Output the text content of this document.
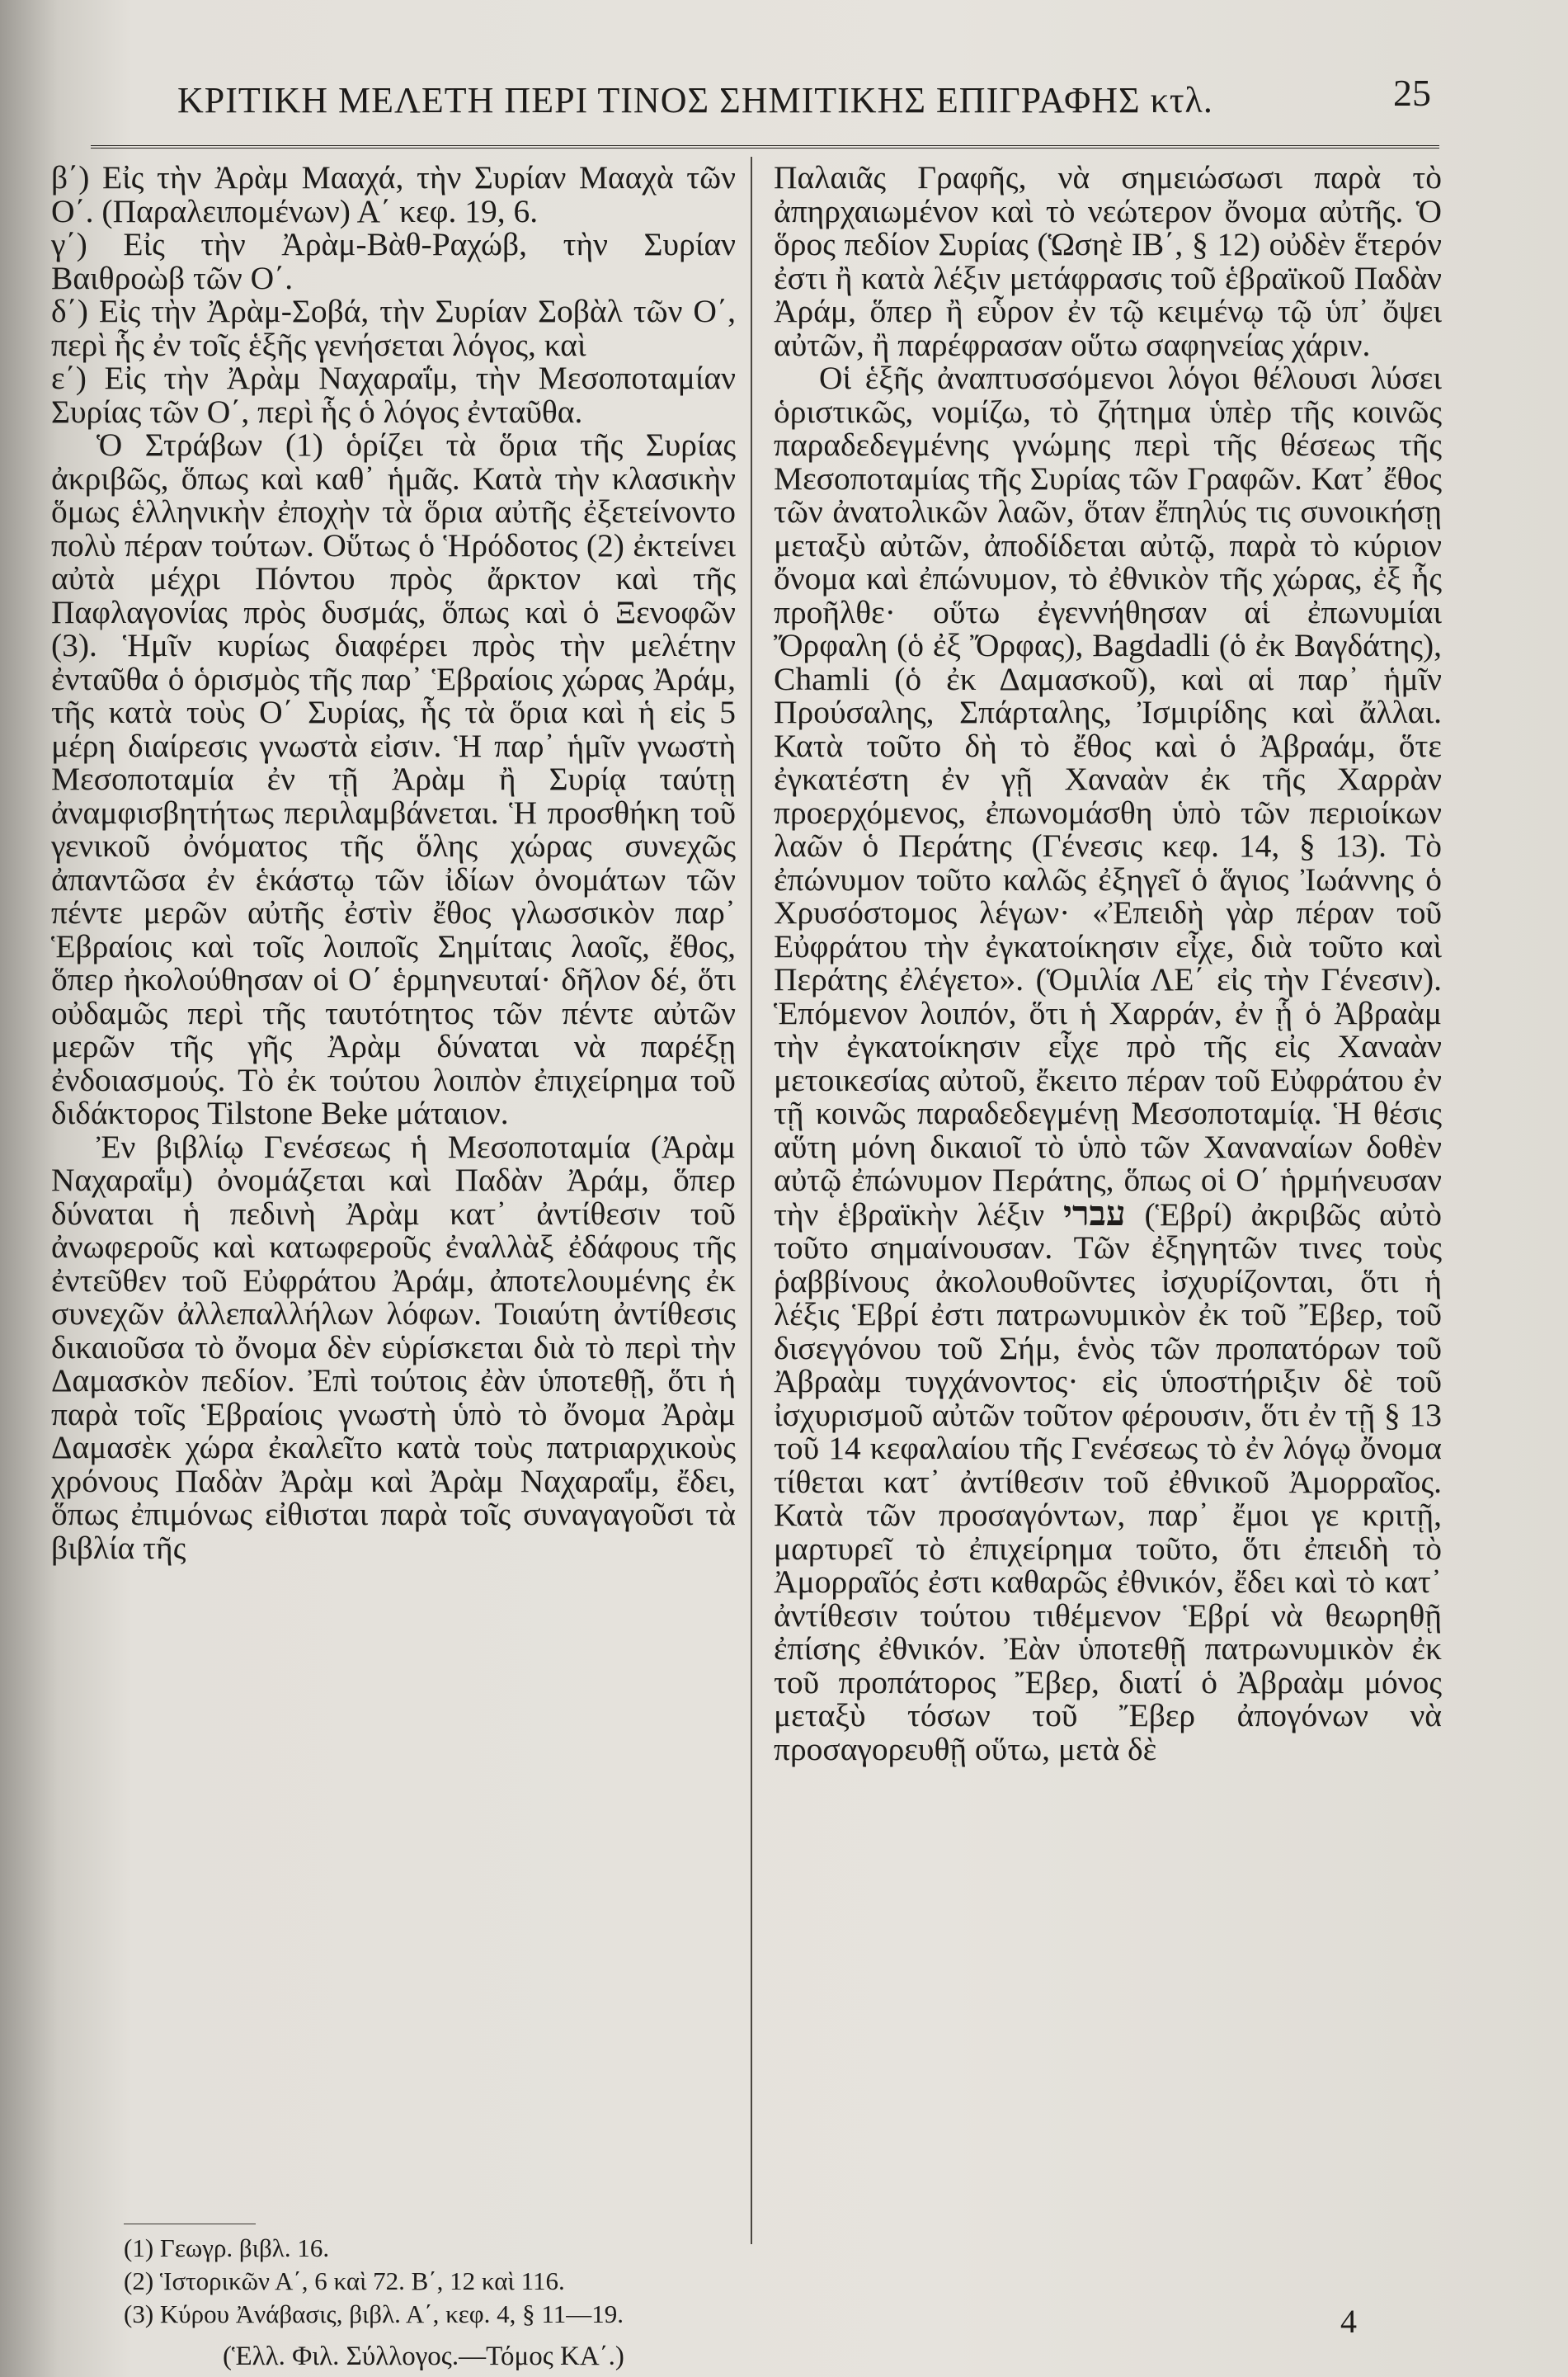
ΚΡΙΤΙΚΗ ΜΕΛΕΤΗ ΠΕΡΙ ΤΙΝΟΣ ΣΗΜΙΤΙΚΗΣ ΕΠΙΓΡΑΦΗΣ κτλ.	25

β΄) Εἰς τὴν Ἀρὰμ Μααχά, τὴν Συρίαν Μααχὰ τῶν Ο΄. (Παραλειπομένων) Α΄ κεφ. 19, 6.

γ΄) Εἰς τὴν Ἀρὰμ-Βὰθ-Ραχώβ, τὴν Συρίαν Βαιθροὼβ τῶν Ο΄.

δ΄) Εἰς τὴν Ἀρὰμ-Σοβά, τὴν Συρίαν Σοβὰλ τῶν Ο΄, περὶ ἧς ἐν τοῖς ἑξῆς γενήσεται λόγος, καὶ

ε΄) Εἰς τὴν Ἀρὰμ Ναχαραΐμ, τὴν Μεσοποταμίαν Συρίας τῶν Ο΄, περὶ ἧς ὁ λόγος ἐνταῦθα.

Ὁ Στράβων (1) ὁρίζει τὰ ὅρια τῆς Συρίας ἀκριβῶς, ὅπως καὶ καθ᾽ ἡμᾶς. Κατὰ τὴν κλασικὴν ὅμως ἑλληνικὴν ἐποχὴν τὰ ὅρια αὐτῆς ἐξετείνοντο πολὺ πέραν τούτων. Οὕτως ὁ Ἡρόδοτος (2) ἐκτείνει αὐτὰ μέχρι Πόντου πρὸς ἄρκτον καὶ τῆς Παφλαγονίας πρὸς δυσμάς, ὅπως καὶ ὁ Ξενοφῶν (3). Ἡμῖν κυρίως διαφέρει πρὸς τὴν μελέτην ἐνταῦθα ὁ ὁρισμὸς τῆς παρ᾽ Ἑβραίοις χώρας Ἀράμ, τῆς κατὰ τοὺς Ο΄ Συρίας, ἧς τὰ ὅρια καὶ ἡ εἰς 5 μέρη διαίρεσις γνωστὰ εἰσιν. Ἡ παρ᾽ ἡμῖν γνωστὴ Μεσοποταμία ἐν τῇ Ἀρὰμ ἢ Συρίᾳ ταύτῃ ἀναμφισβητήτως περιλαμβάνεται. Ἡ προσθήκη τοῦ γενικοῦ ὀνόματος τῆς ὅλης χώρας συνεχῶς ἀπαντῶσα ἐν ἑκάστῳ τῶν ἰδίων ὀνομάτων τῶν πέντε μερῶν αὐτῆς ἐστὶν ἔθος γλωσσικὸν παρ᾽ Ἑβραίοις καὶ τοῖς λοιποῖς Σημίταις λαοῖς, ἔθος, ὅπερ ἠκολούθησαν οἱ Ο΄ ἑρμηνευταί· δῆλον δέ, ὅτι οὐδαμῶς περὶ τῆς ταυτότητος τῶν πέντε αὐτῶν μερῶν τῆς γῆς Ἀρὰμ δύναται νὰ παρέξῃ ἐνδοιασμούς. Τὸ ἐκ τούτου λοιπὸν ἐπιχείρημα τοῦ διδάκτορος Tilstone Beke μάταιον.

Ἐν βιβλίῳ Γενέσεως ἡ Μεσοποταμία (Ἀρὰμ Ναχαραΐμ) ὀνομάζεται καὶ Παδὰν Ἀράμ, ὅπερ δύναται ἡ πεδινὴ Ἀρὰμ κατ᾽ ἀντίθεσιν τοῦ ἀνωφεροῦς καὶ κατωφεροῦς ἐναλλὰξ ἐδάφους τῆς ἐντεῦθεν τοῦ Εὐφράτου Ἀράμ, ἀποτελουμένης ἐκ συνεχῶν ἀλλεπαλλήλων λόφων. Τοιαύτη ἀντίθεσις δικαιοῦσα τὸ ὄνομα δὲν εὑρίσκεται διὰ τὸ περὶ τὴν Δαμασκὸν πεδίον. Ἐπὶ τούτοις ἐὰν ὑποτεθῇ, ὅτι ἡ παρὰ τοῖς Ἑβραίοις γνωστὴ ὑπὸ τὸ ὄνομα Ἀρὰμ Δαμασὲκ χώρα ἐκαλεῖτο κατὰ τοὺς πατριαρχικοὺς χρόνους Παδὰν Ἀρὰμ καὶ Ἀρὰμ Ναχαραΐμ, ἔδει, ὅπως ἐπιμόνως εἰθισται παρὰ τοῖς συναγαγοῦσι τὰ βιβλία τῆς

Παλαιᾶς Γραφῆς, νὰ σημειώσωσι παρὰ τὸ ἀπηρχαιωμένον καὶ τὸ νεώτερον ὄνομα αὐτῆς. Ὁ ὅρος πεδίον Συρίας (Ὡσηὲ ΙΒ΄, § 12) οὐδὲν ἕτερόν ἐστι ἢ κατὰ λέξιν μετάφρασις τοῦ ἑβραϊκοῦ Παδὰν Ἀράμ, ὅπερ ἢ εὗρον ἐν τῷ κειμένῳ τῷ ὑπ᾽ ὄψει αὐτῶν, ἢ παρέφρασαν οὕτω σαφηνείας χάριν.

Οἱ ἑξῆς ἀναπτυσσόμενοι λόγοι θέλουσι λύσει ὁριστικῶς, νομίζω, τὸ ζήτημα ὑπὲρ τῆς κοινῶς παραδεδεγμένης γνώμης περὶ τῆς θέσεως τῆς Μεσοποταμίας τῆς Συρίας τῶν Γραφῶν. Κατ᾽ ἔθος τῶν ἀνατολικῶν λαῶν, ὅταν ἔπηλύς τις συνοικήσῃ μεταξὺ αὐτῶν, ἀποδίδεται αὐτῷ, παρὰ τὸ κύριον ὄνομα καὶ ἐπώνυμον, τὸ ἐθνικὸν τῆς χώρας, ἐξ ἧς προῆλθε· οὕτω ἐγεννήθησαν αἱ ἐπωνυμίαι Ὄρφαλη (ὁ ἐξ Ὄρφας), Bagdadli (ὁ ἐκ Βαγδάτης), Chamli (ὁ ἐκ Δαμασκοῦ), καὶ αἱ παρ᾽ ἡμῖν Προύσαλης, Σπάρταλης, Ἰσμιρίδης καὶ ἄλλαι. Κατὰ τοῦτο δὴ τὸ ἔθος καὶ ὁ Ἀβραάμ, ὅτε ἐγκατέστη ἐν γῇ Χαναὰν ἐκ τῆς Χαρρὰν προερχόμενος, ἐπωνομάσθη ὑπὸ τῶν περιοίκων λαῶν ὁ Περάτης (Γένεσις κεφ. 14, § 13). Τὸ ἐπώνυμον τοῦτο καλῶς ἐξηγεῖ ὁ ἅγιος Ἰωάννης ὁ Χρυσόστομος λέγων· «Ἐπειδὴ γὰρ πέραν τοῦ Εὐφράτου τὴν ἐγκατοίκησιν εἶχε, διὰ τοῦτο καὶ Περάτης ἐλέγετο». (Ὁμιλία ΛΕ΄ εἰς τὴν Γένεσιν). Ἑπόμενον λοιπόν, ὅτι ἡ Χαρράν, ἐν ᾗ ὁ Ἀβραὰμ τὴν ἐγκατοίκησιν εἶχε πρὸ τῆς εἰς Χαναὰν μετοικεσίας αὐτοῦ, ἔκειτο πέραν τοῦ Εὐφράτου ἐν τῇ κοινῶς παραδεδεγμένῃ Μεσοποταμίᾳ. Ἡ θέσις αὕτη μόνη δικαιοῖ τὸ ὑπὸ τῶν Χαναναίων δοθὲν αὐτῷ ἐπώνυμον Περάτης, ὅπως οἱ Ο΄ ἡρμήνευσαν τὴν ἑβραϊκὴν λέξιν עברי (Ἑβρί) ἀκριβῶς αὐτὸ τοῦτο σημαίνουσαν. Τῶν ἐξηγητῶν τινες τοὺς ῥαββίνους ἀκολουθοῦντες ἰσχυρίζονται, ὅτι ἡ λέξις Ἑβρί ἐστι πατρωνυμικὸν ἐκ τοῦ Ἔβερ, τοῦ δισεγγόνου τοῦ Σήμ, ἑνὸς τῶν προπατόρων τοῦ Ἀβραὰμ τυγχάνοντος· εἰς ὑποστήριξιν δὲ τοῦ ἰσχυρισμοῦ αὐτῶν τοῦτον φέρουσιν, ὅτι ἐν τῇ § 13 τοῦ 14 κεφαλαίου τῆς Γενέσεως τὸ ἐν λόγῳ ὄνομα τίθεται κατ᾽ ἀντίθεσιν τοῦ ἐθνικοῦ Ἀμορραῖος. Κατὰ τῶν προσαγόντων, παρ᾽ ἔμοι γε κριτῇ, μαρτυρεῖ τὸ ἐπιχείρημα τοῦτο, ὅτι ἐπειδὴ τὸ Ἀμορραῖός ἐστι καθαρῶς ἐθνικόν, ἔδει καὶ τὸ κατ᾽ ἀντίθεσιν τούτου τιθέμενον Ἑβρί νὰ θεωρηθῇ ἐπίσης ἐθνικόν. Ἐὰν ὑποτεθῇ πατρωνυμικὸν ἐκ τοῦ προπάτορος Ἔβερ, διατί ὁ Ἀβραὰμ μόνος μεταξὺ τόσων τοῦ Ἔβερ ἀπογόνων νὰ προσαγορευθῇ οὕτω, μετὰ δὲ

(1) Γεωγρ. βιβλ. 16.
(2) Ἱστορικῶν Α΄, 6 καὶ 72. Β΄, 12 καὶ 116.
(3) Κύρου Ἀνάβασις, βιβλ. Α΄, κεφ. 4, § 11—19.
(Ἑλλ. Φιλ. Σύλλογος.—Τόμος ΚΑ΄.)
4
